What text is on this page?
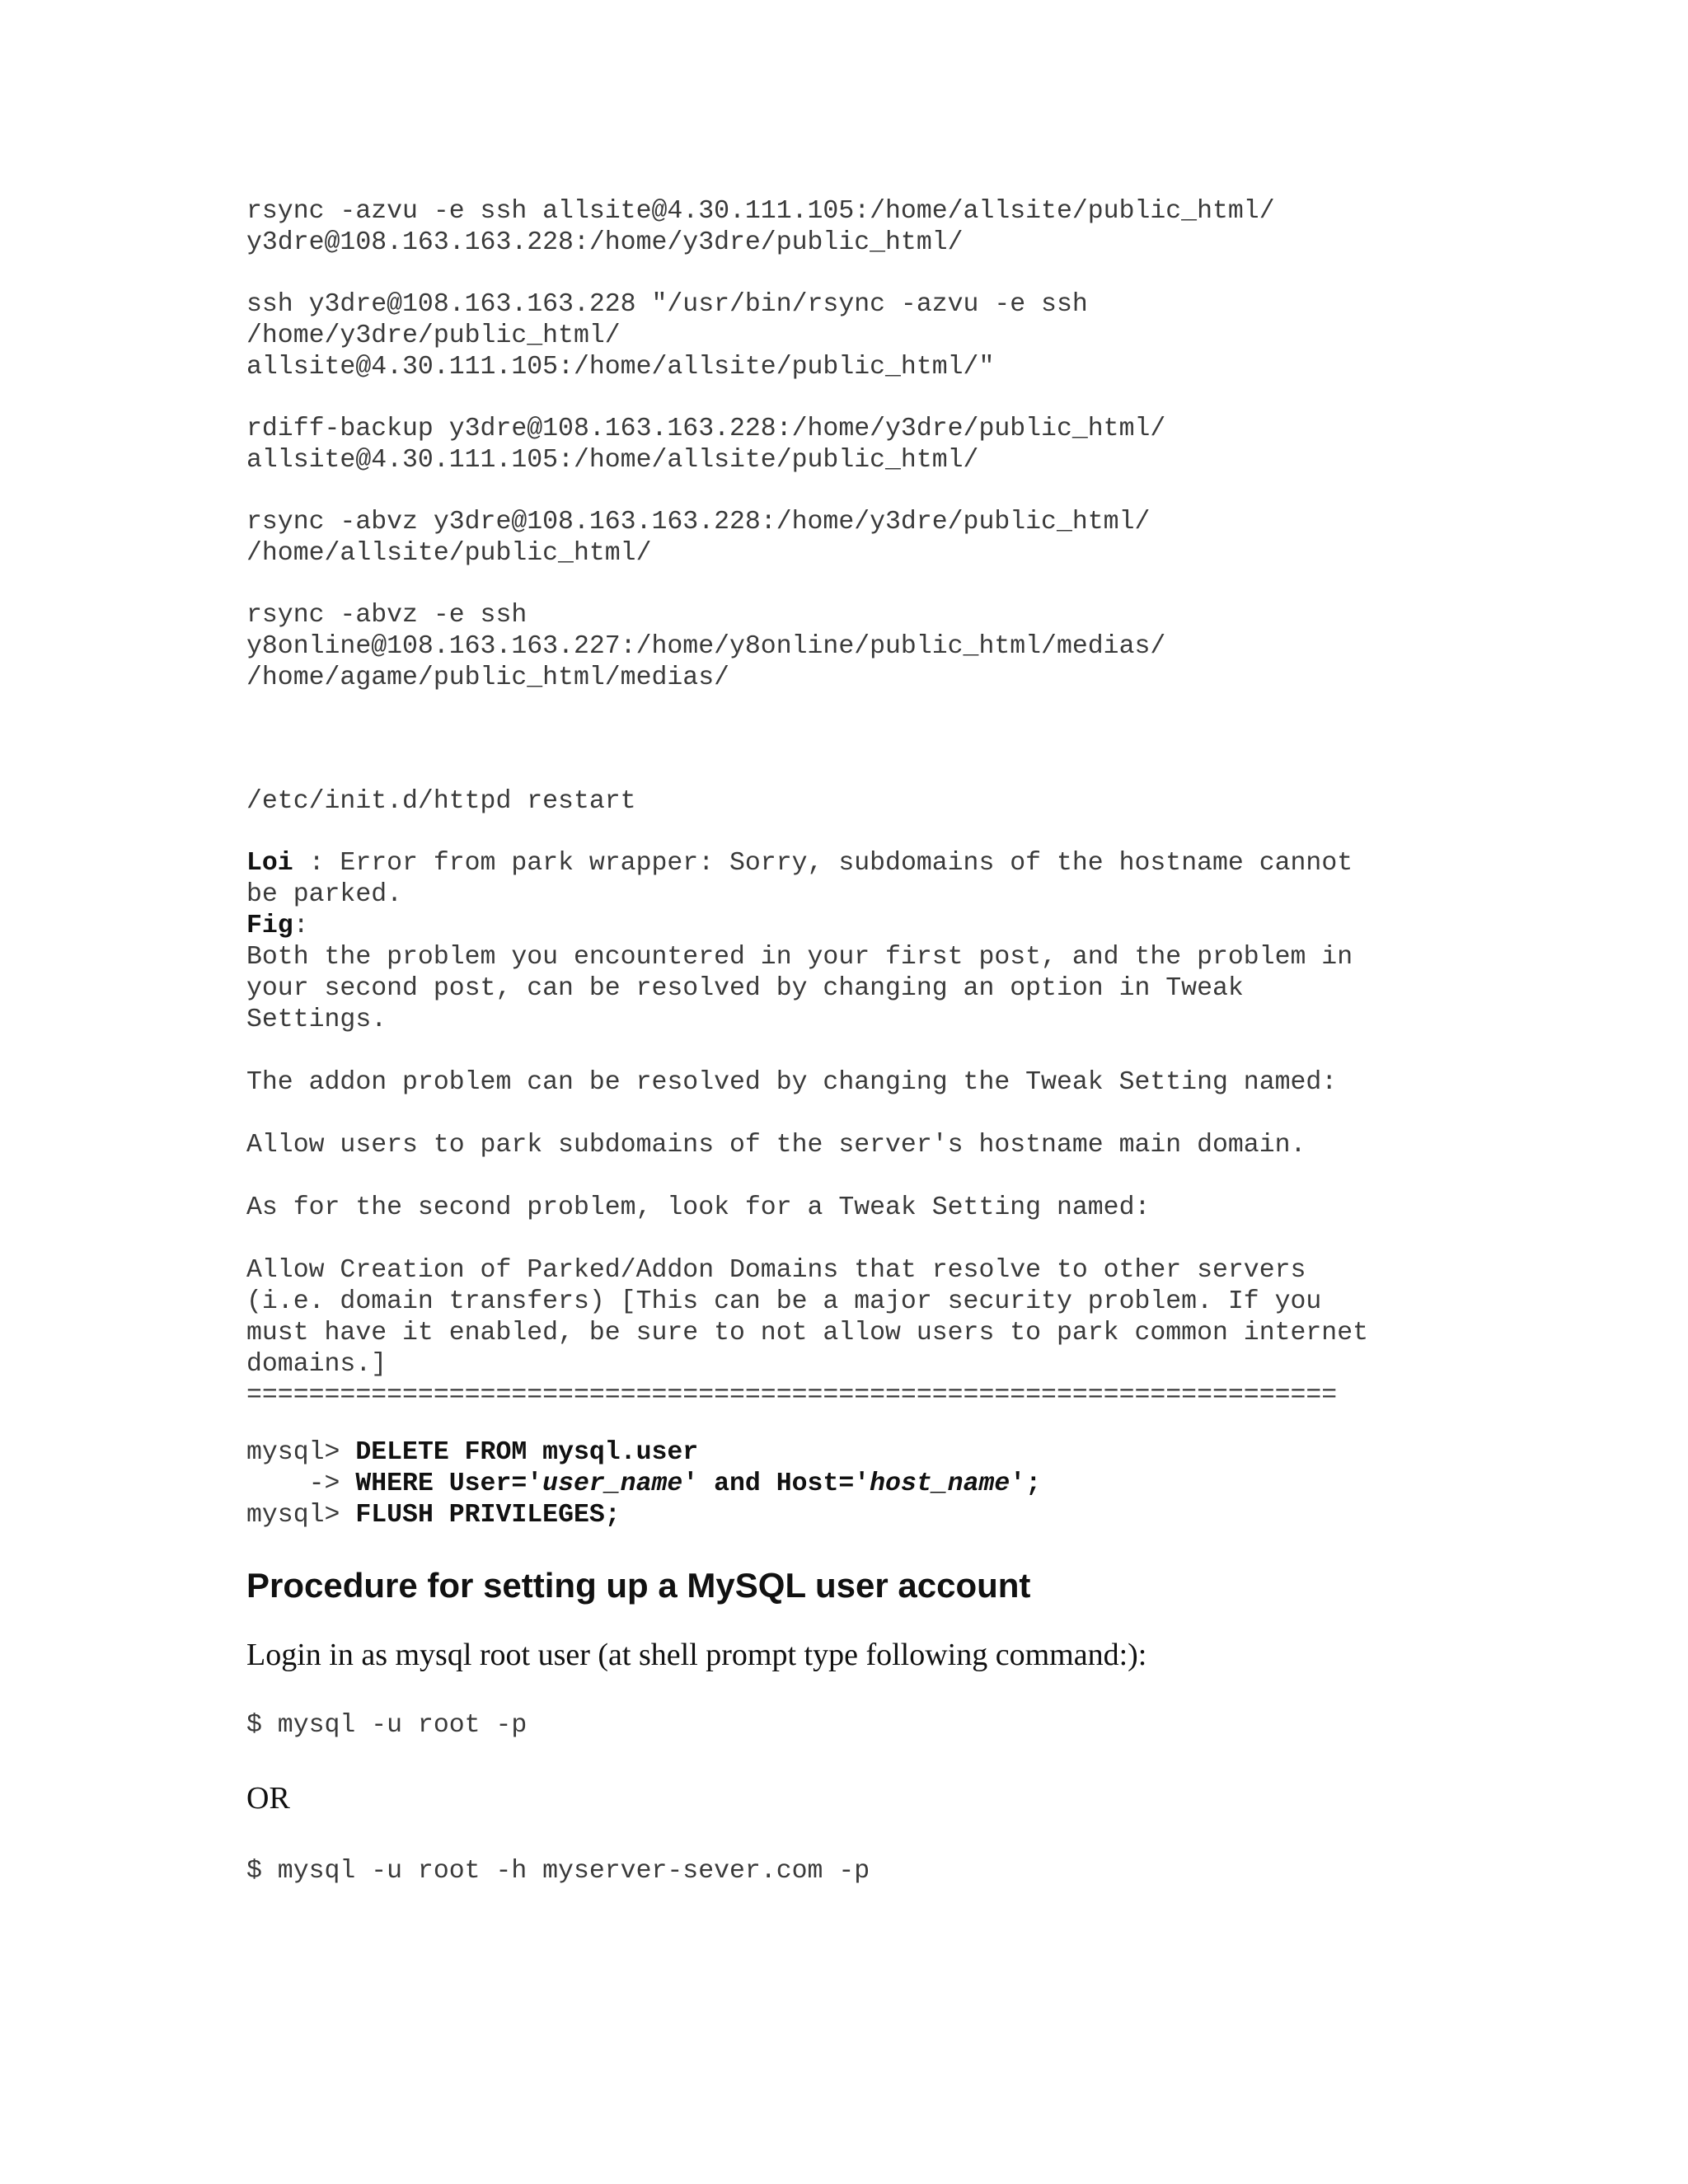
rsync -azvu -e ssh allsite@4.30.111.105:/home/allsite/public_html/
y3dre@108.163.163.228:/home/y3dre/public_html/

ssh y3dre@108.163.163.228 "/usr/bin/rsync -azvu -e ssh
/home/y3dre/public_html/
allsite@4.30.111.105:/home/allsite/public_html/"

rdiff-backup y3dre@108.163.163.228:/home/y3dre/public_html/
allsite@4.30.111.105:/home/allsite/public_html/

rsync -abvz y3dre@108.163.163.228:/home/y3dre/public_html/
/home/allsite/public_html/

rsync -abvz -e ssh
y8online@108.163.163.227:/home/y8online/public_html/medias/
/home/agame/public_html/medias/

/etc/init.d/httpd restart

Loi : Error from park wrapper: Sorry, subdomains of the hostname cannot
be parked.
Fig:
Both the problem you encountered in your first post, and the problem in
your second post, can be resolved by changing an option in Tweak
Settings.

The addon problem can be resolved by changing the Tweak Setting named:

Allow users to park subdomains of the server's hostname main domain.

As for the second problem, look for a Tweak Setting named:

Allow Creation of Parked/Addon Domains that resolve to other servers
(i.e. domain transfers) [This can be a major security problem. If you
must have it enabled, be sure to not allow users to park common internet
domains.]
======================================================================

mysql> DELETE FROM mysql.user
-> WHERE User='user_name' and Host='host_name';
mysql> FLUSH PRIVILEGES;

Procedure for setting up a MySQL user account

Login in as mysql root user (at shell prompt type following command:):

$ mysql -u root -p

OR

$ mysql -u root -h myserver-sever.com -p
